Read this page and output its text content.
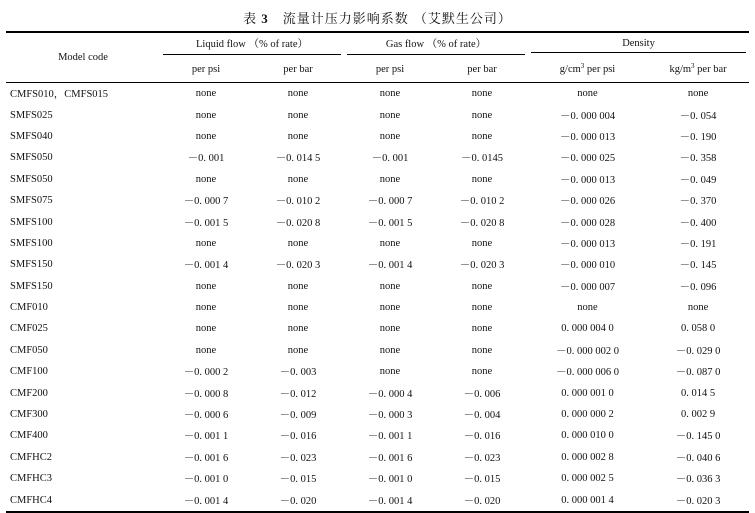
表 3 流量计压力影响系数 （艾默生公司）
Model code	Liquid flow （% of rate）		Gas flow （% of rate）		Density	

	per psi	per bar	per psi	per bar	$g/cm^3$ per psi	$kg/m^3$ per bar
CMFS010，CMFS015	none	none	none	none	none	none
SMFS025	none	none	none	none	－0. 000 004	－0. 054
SMFS040	none	none	none	none	－0. 000 013	－0. 190
SMFS050	－0. 001	－0. 014 5	－0. 001	－0. 0145	－0. 000 025	－0. 358
SMFS050	none	none	none	none	－0. 000 013	－0. 049
SMFS075	－0. 000 7	－0. 010 2	－0. 000 7	－0. 010 2	－0. 000 026	－0. 370
SMFS100	－0. 001 5	－0. 020 8	－0. 001 5	－0. 020 8	－0. 000 028	－0. 400
SMFS100	none	none	none	none	－0. 000 013	－0. 191
SMFS150	－0. 001 4	－0. 020 3	－0. 001 4	－0. 020 3	－0. 000 010	－0. 145
SMFS150	none	none	none	none	－0. 000 007	－0. 096
CMF010	none	none	none	none	none	none
CMF025	none	none	none	none	0. 000 004 0	0. 058 0
CMF050	none	none	none	none	－0. 000 002 0	－0. 029 0
CMF100	－0. 000 2	－0. 003	none	none	－0. 000 006 0	－0. 087 0
CMF200	－0. 000 8	－0. 012	－0. 000 4	－0. 006	0. 000 001 0	0. 014 5
CMF300	－0. 000 6	－0. 009	－0. 000 3	－0. 004	0. 000 000 2	0. 002 9
CMF400	－0. 001 1	－0. 016	－0. 001 1	－0. 016	0. 000 010 0	－0. 145 0
CMFHC2	－0. 001 6	－0. 023	－0. 001 6	－0. 023	0. 000 002 8	－0. 040 6
CMFHC3	－0. 001 0	－0. 015	－0. 001 0	－0. 015	0. 000 002 5	－0. 036 3
CMFHC4	－0. 001 4	－0. 020	－0. 001 4	－0. 020	0. 000 001 4	－0. 020 3
